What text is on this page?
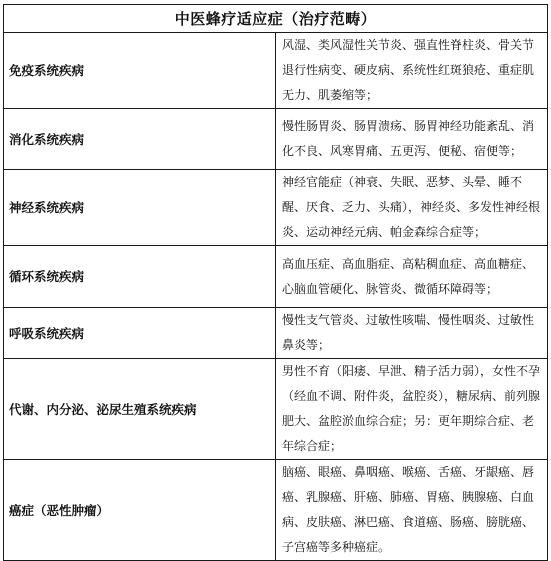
中医蜂疗适应症（治疗范畴）	
免疫系统疾病	风湿、类风湿性关节炎、强直性脊柱炎、骨关节退行性病变、硬皮病、系统性红斑狼疮、重症肌无力、肌萎缩等；
消化系统疾病	慢性肠胃炎、肠胃溃疡、肠胃神经功能紊乱、消化不良、风寒胃痛、五更泻、便秘、宿便等；
神经系统疾病	神经官能症（神衰、失眠、恶梦、头晕、睡不醒、厌食、乏力、头痛），神经炎、多发性神经根炎、运动神经元病、帕金森综合症等；
循环系统疾病	高血压症、高血脂症、高粘稠血症、高血糖症、心脑血管硬化、脉管炎、微循环障碍等；
呼吸系统疾病	慢性支气管炎、过敏性咳喘、慢性咽炎、过敏性鼻炎等；
代谢、内分泌、泌尿生殖系统疾病	男性不育（阳痿、早泄、精子活力弱），女性不孕（经血不调、附件炎，盆腔炎），糖尿病、前列腺肥大、盆腔淤血综合症；另：更年期综合症、老年综合症；
癌症（恶性肿瘤）	脑癌、眼癌、鼻咽癌、喉癌、舌癌、牙龈癌、唇癌、乳腺癌、肝癌、肺癌、胃癌、胰腺癌、白血病、皮肤癌、淋巴癌、食道癌、肠癌、膀胱癌、子宫癌等多种癌症。
